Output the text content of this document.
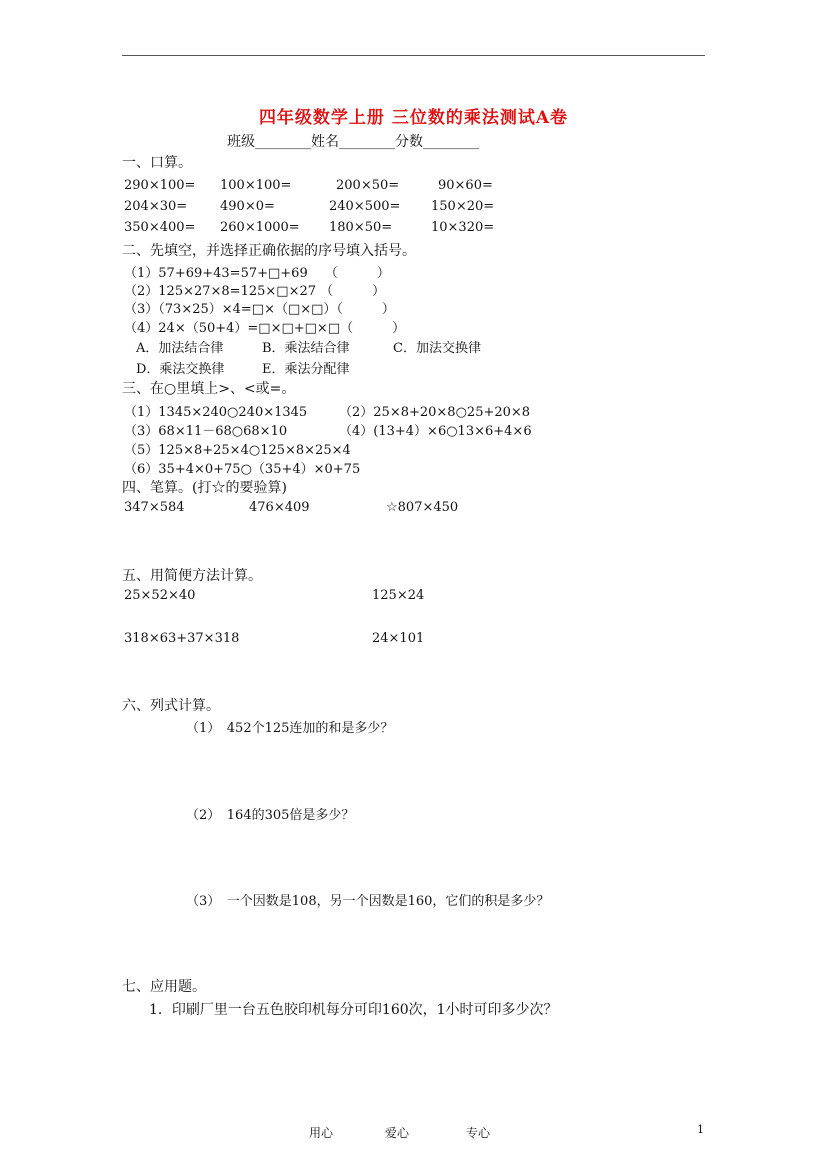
四年级数学上册 三位数的乘法测试A卷
班级________姓名________分数________
一、口算。
290×100= 100×100=	200×50=	90×60=
204×30=	490×0=	240×500= 150×20=
350×400= 260×1000= 180×50=	10×320=
二、先填空，并选择正确依据的序号填入括号。
（1）57+69+43=57+□+69　 （　　　）
（2）125×27×8=125×□×27 （　　　）
（3）（73×25）×4=□×（□×□）（　　　）
（4）24×（50+4）=□×□+□×□（　　　）
A．加法结合律	B．乘法结合律	C．加法交换律
D．乘法交换律	E．乘法分配律
三、在○里填上>、<或=。
（1）1345×240○240×1345 （2）25×8+20×8○25+20×8
（3）68×11－68○68×10	（4）(13+4）×6○13×6+4×6
（5）125×8+25×4○125×8×25×4
（6）35+4×0+75○（35+4）×0+75
四、笔算。(打☆的要验算)
347×584	476×409	☆807×450
五、用简便方法计算。
25×52×40	125×24
318×63+37×318	24×101
六、列式计算。
（1）　452个125连加的和是多少？
（2）　164的305倍是多少？
（3）　一个因数是108，另一个因数是160，它们的积是多少？
七、应用题。
1．印刷厂里一台五色胶印机每分可印160次，1小时可印多少次？
用心	爱心	专心	1
